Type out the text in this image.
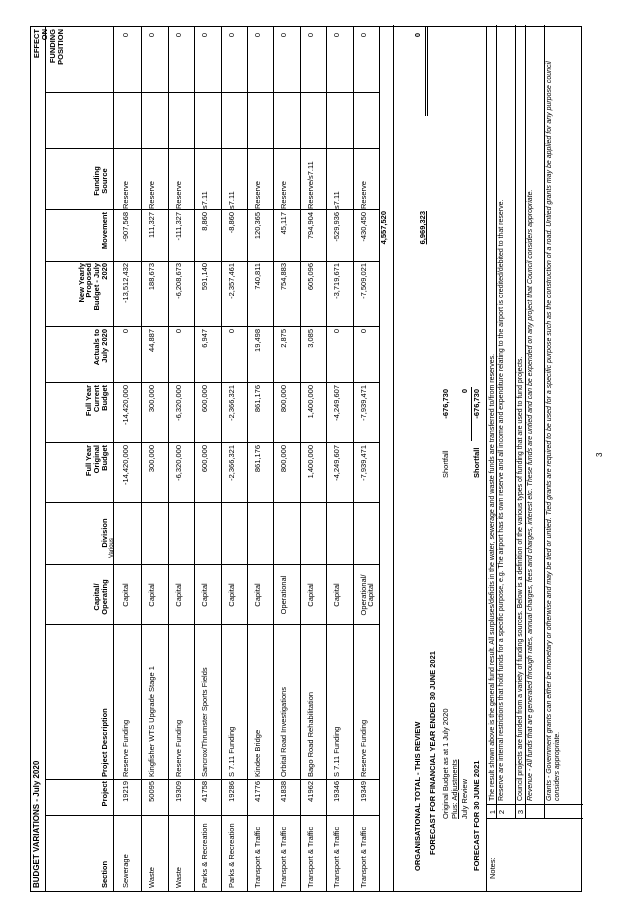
BUDGET VARIATIONS - July 2020	Section
Project
Project Description
Capital/
Operating
Division
Full Year
Original
Budget
Full Year
Current
Budget
Actuals to
July 2020
New Yearly
Proposed
Budget - July
2020
Movement
Funding
Source
EFFECT
ON
FUNDING
POSITION
Various
Sewerage
19219
Reserve Funding
Capital
-14,420,000
-14,420,000
0
-13,512,432
-907,568
Reserve
0
Waste
50095
Kingfisher WTS Upgrade Stage 1
Capital
300,000
300,000
44,887
188,673
111,327
Reserve
0
Waste
19309
Reserve Funding
Capital
-6,320,000
-6,320,000
0
-6,208,673
-111,327
Reserve
0
Parks & Recreation
41758
Sancrox/Thrumster Sports Fields
Capital
600,000
600,000
6,947
591,140
8,860
s7.11
0
Parks & Recreation
19286
S 7.11 Funding
Capital
-2,366,321
-2,366,321
0
-2,357,461
-8,860
s7.11
0
Transport & Traffic
41776
Kindee Bridge
Capital
861,176
861,176
19,498
740,811
120,365
Reserve
0
Transport & Traffic
41838
Orbital Road Investigations
Operational
800,000
800,000
2,875
754,883
45,117
Reserve
0
Transport & Traffic
41962
Bago Road Rehabilitation
Capital
1,400,000
1,400,000
3,085
605,096
794,904
Reserve/s7.11
0
Transport & Traffic
19346
S 7.11 Funding
Capital
-4,249,607
-4,249,607
0
-3,719,671
-529,936
s7.11
0
Transport & Traffic
19349
Reserve Funding
Operational/ Capital
-7,939,471
-7,939,471
0
-7,509,021
-430,450
Reserve
0
4,557,520	6,969,323
ORGANISATIONAL TOTAL - THIS REVIEW
0
FORECAST FOR FINANCIAL YEAR ENDED 30 JUNE 2021 Original Budget as at 1 July 2020 Plus: Adjustments July Review FORECAST FOR 30 JUNE 2021
Shortfall
-676,730 0
Shortfall
-676,730
Notes:
1
The result shown above is the general fund result. All surpluses/deficits in the water, sewerage and waste funds are transferred to/from reserves.
2
Reserve are internal restrictions that hold funds for a specific purpose, e.g. The airport has its own reserve and all income and expenditure relating to the airport is credited/debited to that reserve.
3
Council projects are funded from a variety of funding sources. Below is a definition of the various types of funding that are used to fund projects. Revenue - All funds that are generated through rates, annual charges, fees and charges, interest etc. These funds are untied and can be expended on any project that Council considers appropriate. Grants - Government grants can either be monetary or otherwise and may be tied or untied. Tied grants are required to be used for a specific purpose such as the construction of a road. Untied grants may be applied for any purpose council considers appropriate.
3
